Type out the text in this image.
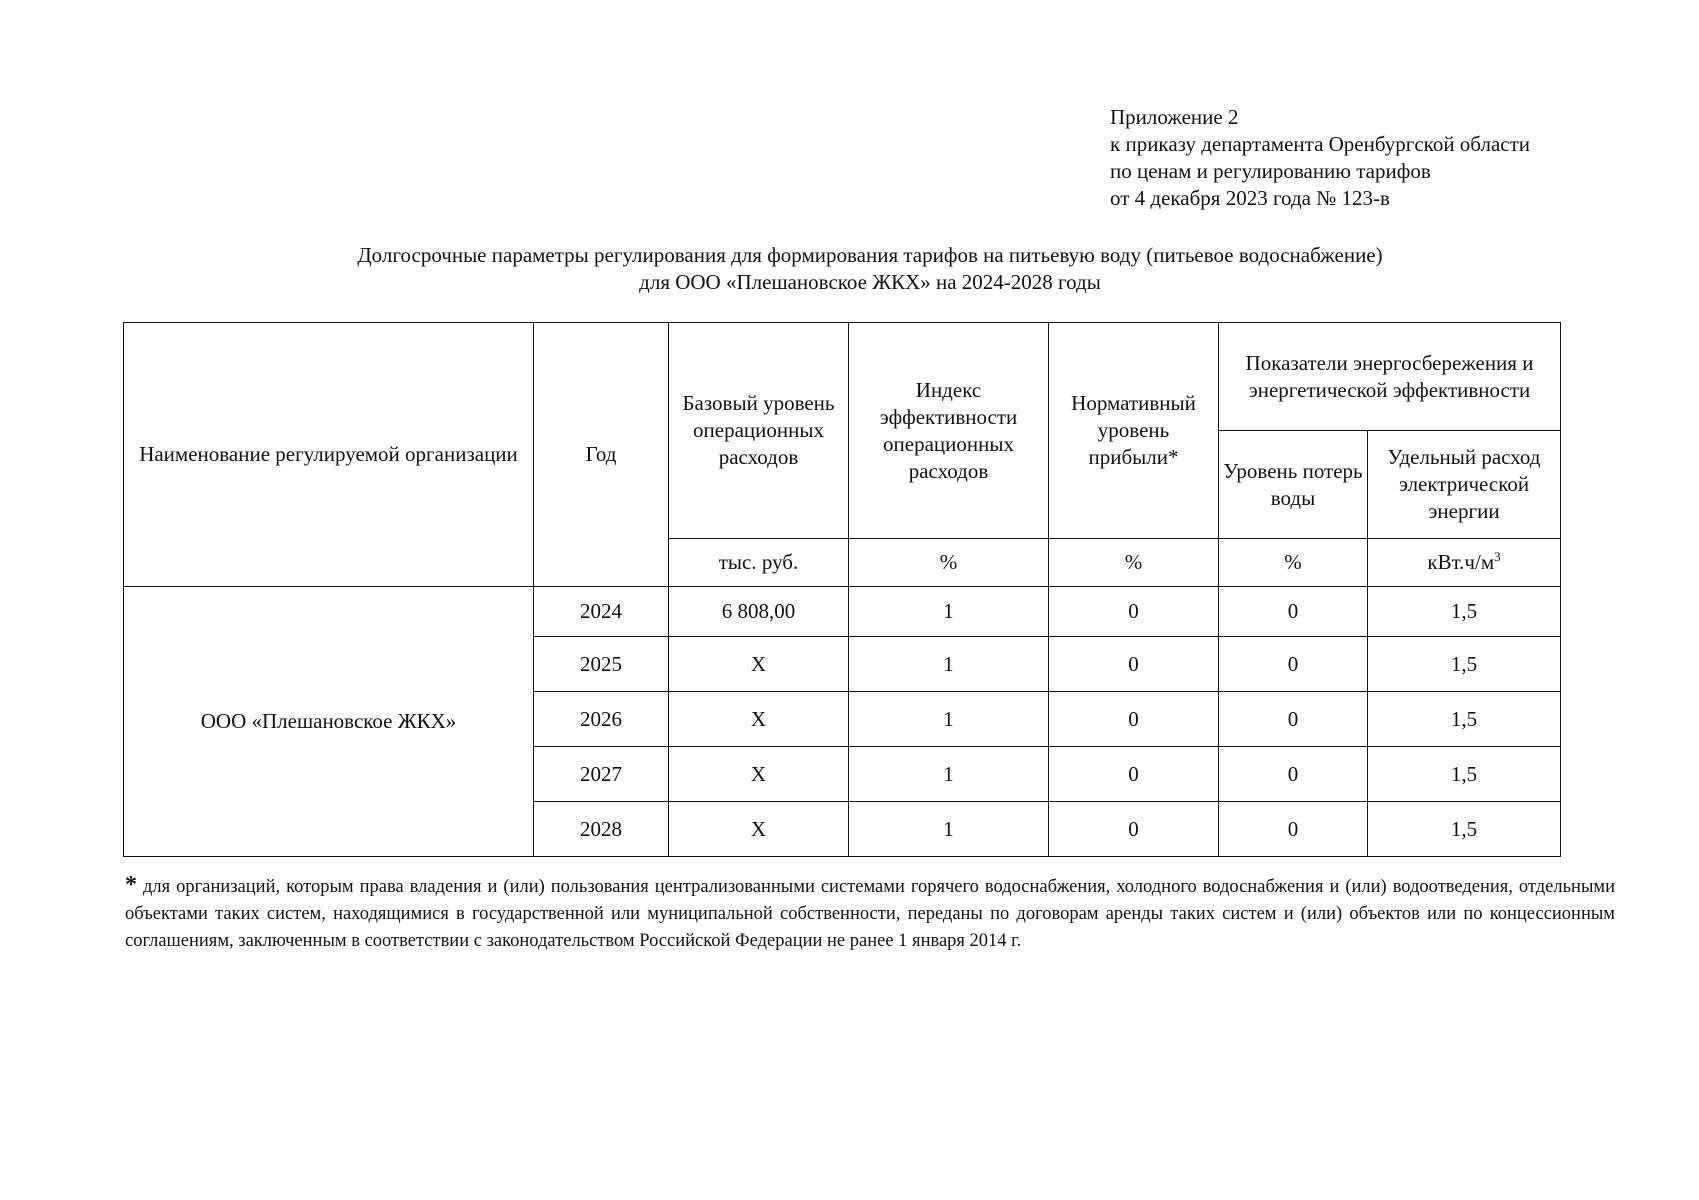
Приложение 2
к приказу департамента Оренбургской области
по ценам и регулированию тарифов
от 4 декабря 2023 года № 123-в
Долгосрочные параметры регулирования для формирования тарифов на питьевую воду (питьевое водоснабжение)
для ООО «Плешановское ЖКХ» на 2024-2028 годы
Наименование регулируемой организации	Год	Базовый уровень операционных расходов	Индекс эффективности операционных расходов	Нормативный уровень прибыли*	Показатели энергосбережения и энергетической эффективности	
					Уровень потерь воды	Удельный расход электрической энергии
		тыс. руб.	%	%	%	$кВт.ч/м^3$
ООО «Плешановское ЖКХ»	2024	6 808,00	1	0	0	1,5
	2025	Х	1	0	0	1,5
	2026	Х	1	0	0	1,5
	2027	Х	1	0	0	1,5
	2028	Х	1	0	0	1,5
* для организаций, которым права владения и (или) пользования централизованными системами горячего водоснабжения, холодного водоснабжения и (или) водоотведения, отдельными объектами таких систем, находящимися в государственной или муниципальной собственности, переданы по договорам аренды таких систем и (или) объектов или по концессионным соглашениям, заключенным в соответствии с законодательством Российской Федерации не ранее 1 января 2014 г.
